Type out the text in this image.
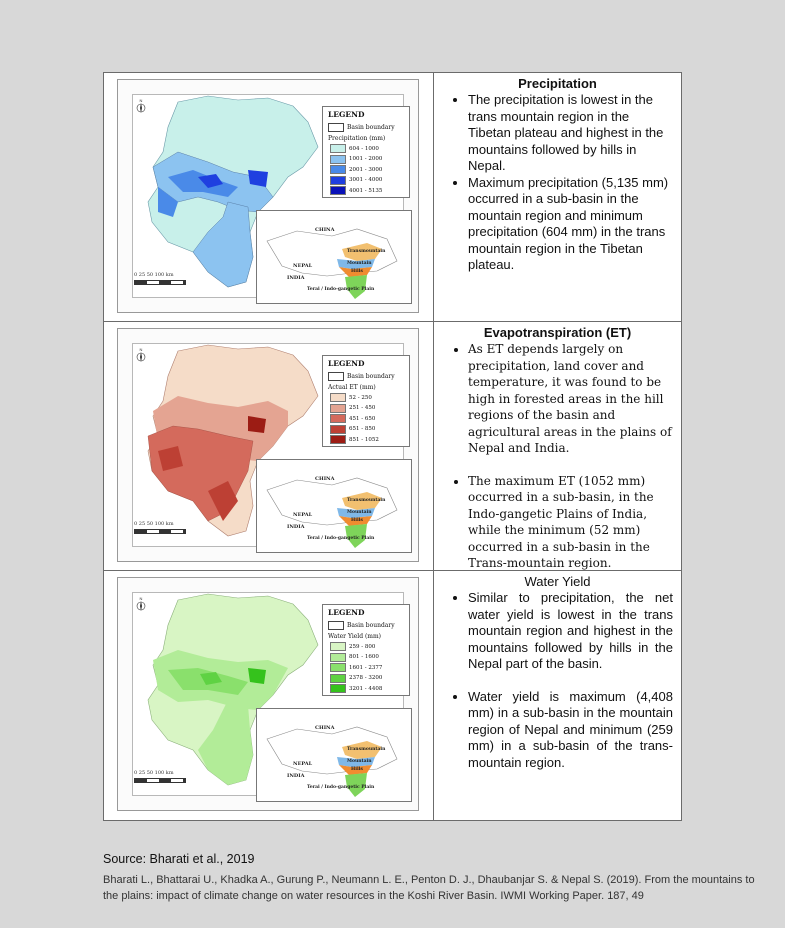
N
LEGEND
Basin boundary
Precipitation (mm)
604 - 1000
1001 - 2000
2001 - 3000
3001 - 4000
4001 - 5135
CHINA
NEPAL
INDIA
Transmountain
Mountain
Hills
Terai / Indo-gangetic Plain
0 25 50 100 km
Precipitation
• The precipitation is lowest in the trans mountain region in the Tibetan plateau and highest in the mountains followed by hills in Nepal.
• Maximum precipitation (5,135 mm) occurred in a sub-basin in the mountain region and minimum precipitation (604 mm) in the trans mountain region in the Tibetan plateau.
N
LEGEND
Basin boundary
Actual ET (mm)
52 - 250
251 - 450
451 - 650
651 - 850
851 - 1052
CHINA
NEPAL
INDIA
Transmountain
Mountain
Hills
Terai / Indo-gangetic Plain
0 25 50 100 km
Evapotranspiration (ET)
• As ET depends largely on precipitation, land cover and temperature, it was found to be high in forested areas in the hill regions of the basin and agricultural areas in the plains of Nepal and India.
• The maximum ET (1052 mm) occurred in a sub-basin, in the Indo-gangetic Plains of India, while the minimum (52 mm) occurred in a sub-basin in the Trans-mountain region.
N
LEGEND
Basin boundary
Water Yield (mm)
259 - 800
801 - 1600
1601 - 2377
2378 - 3200
3201 - 4408
CHINA
NEPAL
INDIA
Transmountain
Mountain
Hills
Terai / Indo-gangetic Plain
0 25 50 100 km
Water Yield
• Similar to precipitation, the net water yield is lowest in the trans mountain region and highest in the mountains followed by hills in the Nepal part of the basin.
• Water yield is maximum (4,408 mm) in a sub-basin in the mountain region of Nepal and minimum (259 mm) in a sub-basin of the trans-mountain region.
Source: Bharati et al., 2019
Bharati L., Bhattarai U., Khadka A., Gurung P., Neumann L. E., Penton D. J., Dhaubanjar S. & Nepal S. (2019). From the mountains to the plains: impact of climate change on water resources in the Koshi River Basin. IWMI Working Paper. 187, 49
